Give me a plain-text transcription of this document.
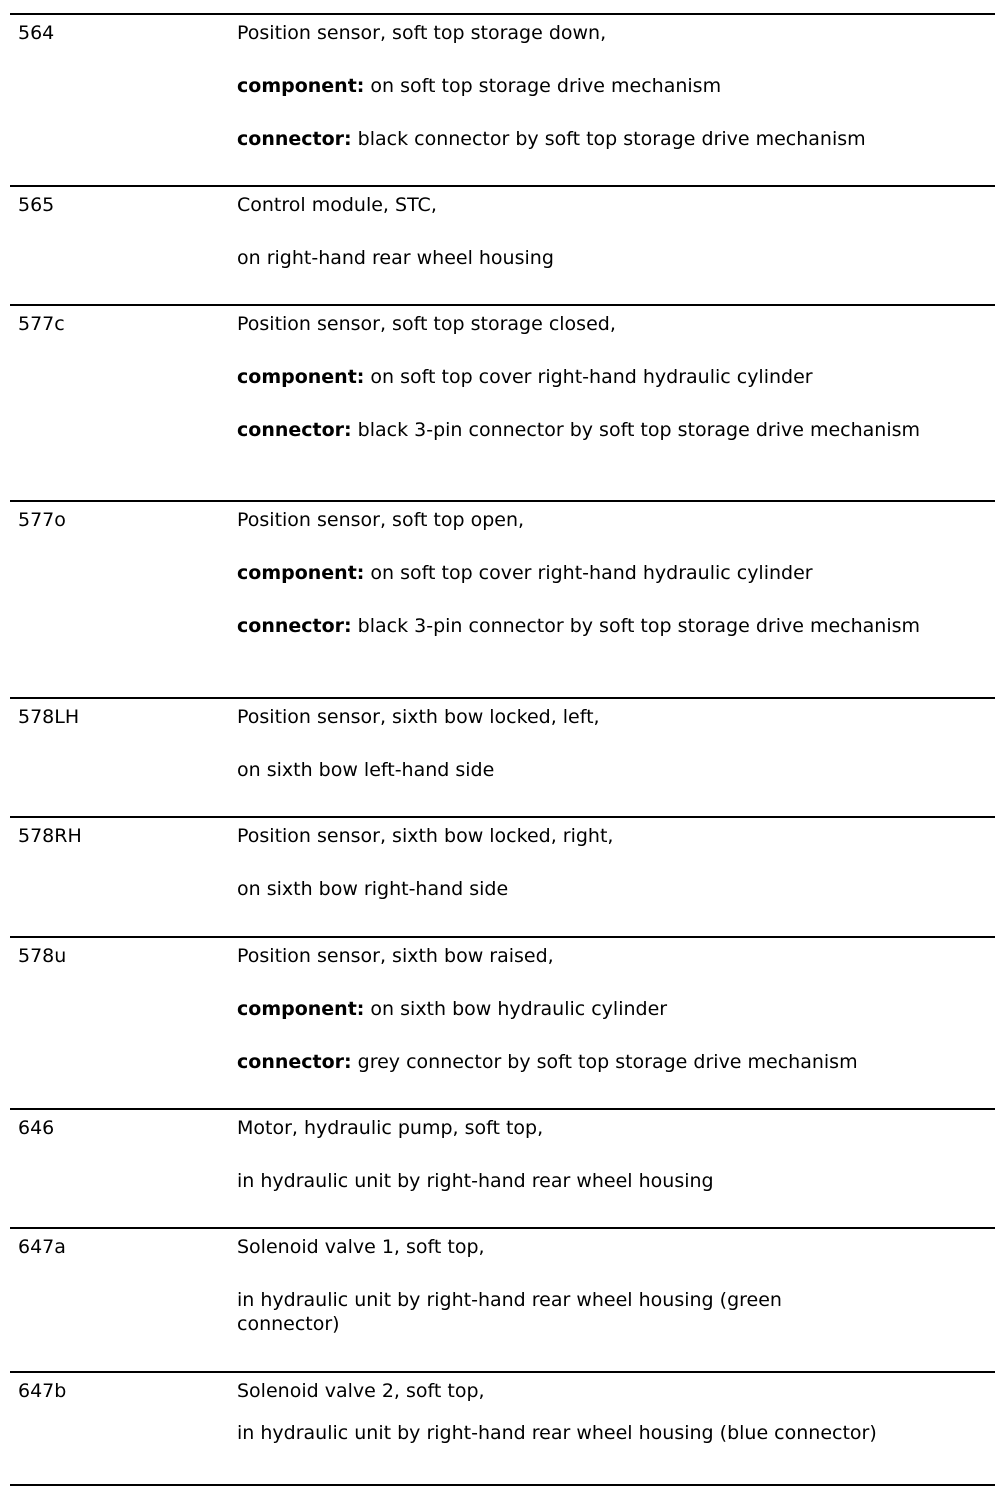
564	Position sensor, soft top storage down,

component: on soft top storage drive mechanism

connector: black connector by soft top storage drive mechanism

565	Control module, STC,

on right-hand rear wheel housing

577c	Position sensor, soft top storage closed,

component: on soft top cover right-hand hydraulic cylinder

connector: black 3-pin connector by soft top storage drive mechanism

577o	Position sensor, soft top open,

component: on soft top cover right-hand hydraulic cylinder

connector: black 3-pin connector by soft top storage drive mechanism

578LH	Position sensor, sixth bow locked, left,

on sixth bow left-hand side

578RH	Position sensor, sixth bow locked, right,

on sixth bow right-hand side

578u	Position sensor, sixth bow raised,

component: on sixth bow hydraulic cylinder

connector: grey connector by soft top storage drive mechanism

646	Motor, hydraulic pump, soft top,

in hydraulic unit by right-hand rear wheel housing

647a	Solenoid valve 1, soft top,

in hydraulic unit by right-hand rear wheel housing (green connector)

647b	Solenoid valve 2, soft top,

in hydraulic unit by right-hand rear wheel housing (blue connector)
